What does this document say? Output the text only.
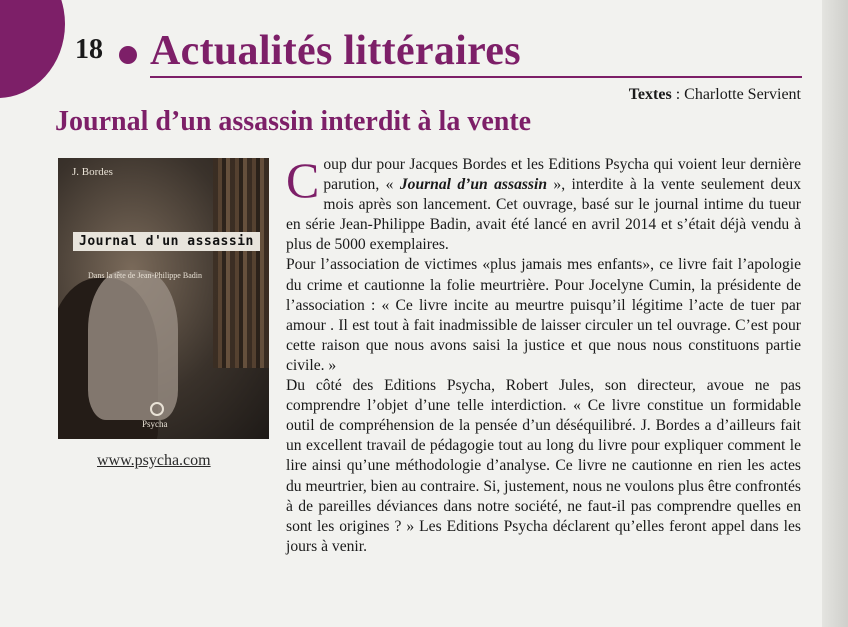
18 Actualités littéraires
Textes : Charlotte Servient
Journal d’un assassin interdit à la vente
J. Bordes
Journal d'un assassin
Dans la tête de Jean-Philippe Badin
Psycha
www.psycha.com

Coup dur pour Jacques Bordes et les Editions Psycha qui voient leur dernière parution, « Journal d’un assassin », interdite à la vente seulement deux mois après son lancement. Cet ouvrage, basé sur le journal intime du tueur en série Jean-Philippe Badin, avait été lancé en avril 2014 et s’était déjà vendu à plus de 5000 exemplaires.

Pour l’association de victimes «plus jamais mes enfants», ce livre fait l’apologie du crime et cautionne la folie meurtrière. Pour Jocelyne Cumin, la présidente de l’association : « Ce livre incite au meurtre puisqu’il légitime l’acte de tuer par amour . Il est tout à fait inadmissible de laisser circuler un tel ouvrage. C’est pour cette raison que nous avons saisi la justice et que nous nous constituons partie civile. »

Du côté des Editions Psycha, Robert Jules, son directeur, avoue ne pas comprendre l’objet d’une telle interdiction. « Ce livre constitue un formidable outil de compréhension de la pensée d’un déséquilibré. J. Bordes a d’ailleurs fait un excellent travail de pédagogie tout au long du livre pour expliquer comment le lire ainsi qu’une méthodologie d’analyse. Ce livre ne cautionne en rien les actes du meurtrier, bien au contraire. Si, justement, nous ne voulons plus être confrontés à de pareilles déviances dans notre société, ne faut-il pas comprendre quelles en sont les origines ? » Les Editions Psycha déclarent qu’elles feront appel dans les jours à venir.
